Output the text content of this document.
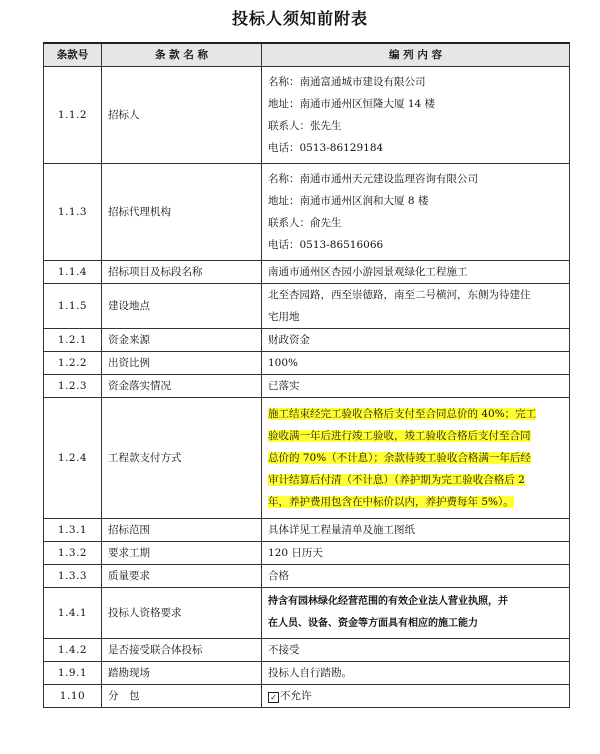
投标人须知前附表
条款号	条 款 名 称	编 列 内 容
1.1.2	招标人	名称：南通富通城市建设有限公司
地址：南通市通州区恒隆大厦 14 楼
联系人：张先生
电话：0513-86129184

1.1.3	招标代理机构	名称：南通市通州天元建设监理咨询有限公司
地址：南通市通州区润和大厦 8 楼
联系人：俞先生
电话：0513-86516066

1.1.4	招标项目及标段名称	南通市通州区杏园小游园景观绿化工程施工
1.1.5	建设地点	北至杏园路，西至崇德路，南至二号横河，东侧为待建住
宅用地

1.2.1	资金来源	财政资金
1.2.2	出资比例	100%
1.2.3	资金落实情况	已落实
1.2.4	工程款支付方式	施工结束经完工验收合格后支付至合同总价的 40%；完工
验收满一年后进行竣工验收，竣工验收合格后支付至合同
总价的 70%（不计息）；余款待竣工验收合格满一年后经
审计结算后付清（不计息）（养护期为完工验收合格后 2
年，养护费用包含在中标价以内，养护费每年 5%）。

1.3.1	招标范围	具体详见工程量清单及施工图纸
1.3.2	要求工期	120 日历天
1.3.3	质量要求	合格
1.4.1	投标人资格要求	持含有园林绿化经营范围的有效企业法人营业执照，并
在人员、设备、资金等方面具有相应的施工能力

1.4.2	是否接受联合体投标	不接受
1.9.1	踏勘现场	投标人自行踏勘。
1.10	分　包	✓ 不允许
